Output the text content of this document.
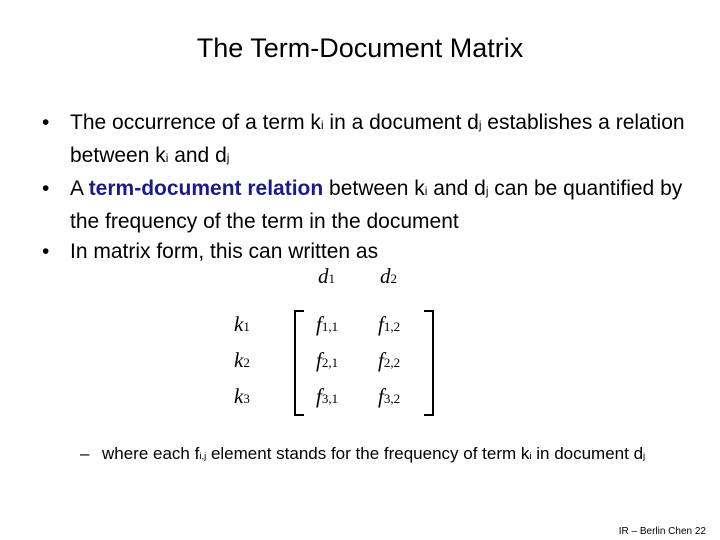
The Term-Document Matrix
• The occurrence of a term ki in a document dj establishes a relation between ki and dj
• A term-document relation between ki and dj can be quantified by the frequency of the term in the document
• In matrix form, this can written as
d1 d2
k1
k2
k3
f1,1 f1,2
f2,1 f2,2
f3,1 f3,2
– where each fi,j element stands for the frequency of term ki in document dj
IR – Berlin Chen 22
